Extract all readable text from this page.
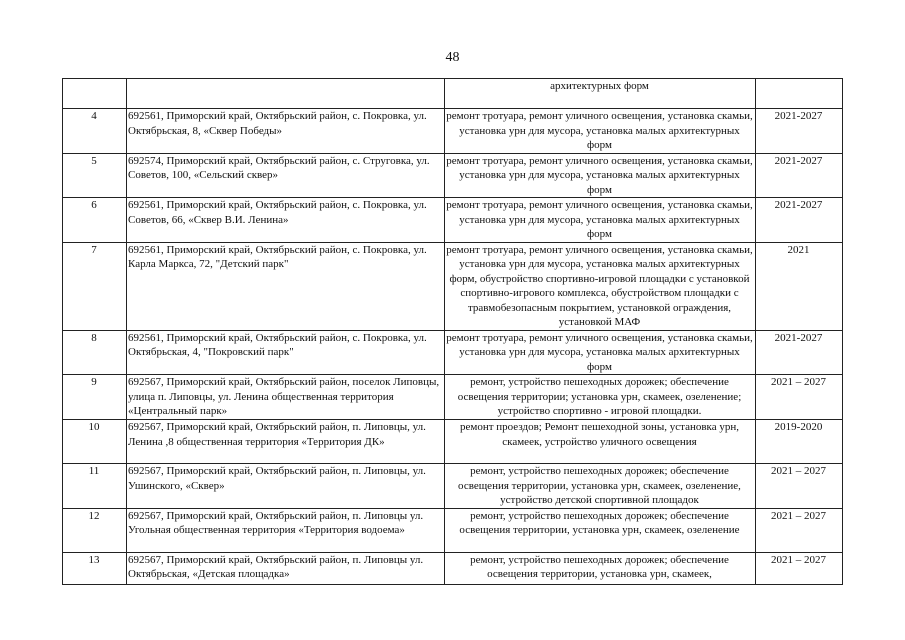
48
		архитектурных форм	
4	692561, Приморский край, Октябрьский район, с. Покровка, ул. Октябрьская, 8, «Сквер Победы»	ремонт тротуара, ремонт уличного освещения, установка скамьи, установка урн для мусора, установка малых архитектурных форм	2021-2027
5	692574, Приморский край, Октябрьский район, с. Струговка, ул. Советов, 100, «Сельский сквер»	ремонт тротуара, ремонт уличного освещения, установка скамьи, установка урн для мусора, установка малых архитектурных форм	2021-2027
6	692561, Приморский край, Октябрьский район, с. Покровка, ул. Советов, 66, «Сквер В.И. Ленина»	ремонт тротуара, ремонт уличного освещения, установка скамьи, установка урн для мусора, установка малых архитектурных форм	2021-2027
7	692561, Приморский край, Октябрьский район, с. Покровка, ул. Карла Маркса, 72, "Детский парк"	ремонт тротуара, ремонт уличного освещения, установка скамьи, установка урн для мусора, установка малых архитектурных форм, обустройство спортивно-игровой площадки с установкой спортивно-игрового комплекса, обустройством площадки с травмобезопасным покрытием, установкой ограждения, установкой МАФ	2021
8	692561, Приморский край, Октябрьский район, с. Покровка, ул. Октябрьская, 4, "Покровский парк"	ремонт тротуара, ремонт уличного освещения, установка скамьи, установка урн для мусора, установка малых архитектурных форм	2021-2027
9	692567, Приморский край, Октябрьский район, поселок Липовцы, улица п. Липовцы, ул. Ленина общественная территория «Центральный парк»	ремонт, устройство пешеходных дорожек; обеспечение освещения территории; установка урн, скамеек, озеленение; устройство спортивно - игровой площадки.	2021 – 2027
10	692567, Приморский край, Октябрьский район, п. Липовцы, ул. Ленина ,8 общественная территория «Территория ДК»	ремонт проездов; Ремонт пешеходной зоны, установка урн, скамеек, устройство уличного освещения	2019-2020
11	692567, Приморский край, Октябрьский район, п. Липовцы, ул. Ушинского, «Сквер»	ремонт, устройство пешеходных дорожек; обеспечение освещения территории, установка урн, скамеек, озеленение, устройство детской спортивной площадок	2021 – 2027
12	692567, Приморский край, Октябрьский район, п. Липовцы ул. Угольная общественная территория «Территория водоема»	ремонт, устройство пешеходных дорожек; обеспечение освещения территории, установка урн, скамеек, озеленение	2021 – 2027
13	692567, Приморский край, Октябрьский район, п. Липовцы ул. Октябрьская, «Детская площадка»	ремонт, устройство пешеходных дорожек; обеспечение освещения территории, установка урн, скамеек,	2021 – 2027
